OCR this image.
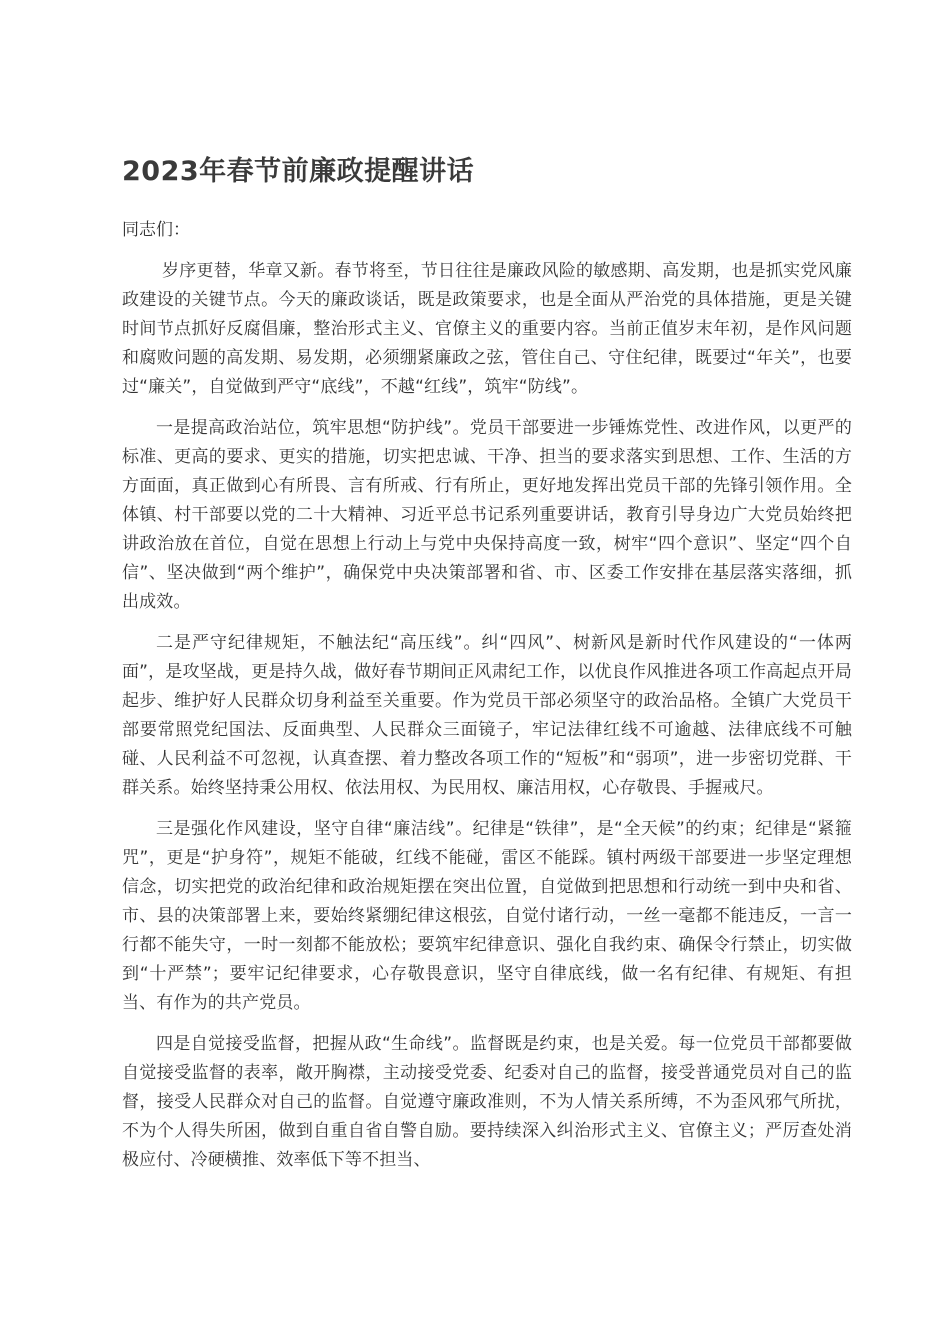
2023年春节前廉政提醒讲话

同志们：

岁序更替，华章又新。春节将至，节日往往是廉政风险的敏感期、高发期，也是抓实党风廉政建设的关键节点。今天的廉政谈话，既是政策要求，也是全面从严治党的具体措施，更是关键时间节点抓好反腐倡廉，整治形式主义、官僚主义的重要内容。当前正值岁末年初，是作风问题和腐败问题的高发期、易发期，必须绷紧廉政之弦，管住自己、守住纪律，既要过“年关”，也要过“廉关”，自觉做到严守“底线”，不越“红线”，筑牢“防线”。

一是提高政治站位，筑牢思想“防护线”。党员干部要进一步锤炼党性、改进作风，以更严的标准、更高的要求、更实的措施，切实把忠诚、干净、担当的要求落实到思想、工作、生活的方方面面，真正做到心有所畏、言有所戒、行有所止，更好地发挥出党员干部的先锋引领作用。全体镇、村干部要以党的二十大精神、习近平总书记系列重要讲话，教育引导身边广大党员始终把讲政治放在首位，自觉在思想上行动上与党中央保持高度一致，树牢“四个意识”、坚定“四个自信”、坚决做到“两个维护”，确保党中央决策部署和省、市、区委工作安排在基层落实落细，抓出成效。

二是严守纪律规矩，不触法纪“高压线”。纠“四风”、树新风是新时代作风建设的“一体两面”，是攻坚战，更是持久战，做好春节期间正风肃纪工作，以优良作风推进各项工作高起点开局起步、维护好人民群众切身利益至关重要。作为党员干部必须坚守的政治品格。全镇广大党员干部要常照党纪国法、反面典型、人民群众三面镜子，牢记法律红线不可逾越、法律底线不可触碰、人民利益不可忽视，认真查摆、着力整改各项工作的“短板”和“弱项”，进一步密切党群、干群关系。始终坚持秉公用权、依法用权、为民用权、廉洁用权，心存敬畏、手握戒尺。

三是强化作风建设，坚守自律“廉洁线”。纪律是“铁律”，是“全天候”的约束；纪律是“紧箍咒”，更是“护身符”，规矩不能破，红线不能碰，雷区不能踩。镇村两级干部要进一步坚定理想信念，切实把党的政治纪律和政治规矩摆在突出位置，自觉做到把思想和行动统一到中央和省、市、县的决策部署上来，要始终紧绷纪律这根弦，自觉付诸行动，一丝一毫都不能违反，一言一行都不能失守，一时一刻都不能放松；要筑牢纪律意识、强化自我约束、确保令行禁止，切实做到“十严禁”；要牢记纪律要求，心存敬畏意识，坚守自律底线，做一名有纪律、有规矩、有担当、有作为的共产党员。

四是自觉接受监督，把握从政“生命线”。监督既是约束，也是关爱。每一位党员干部都要做自觉接受监督的表率，敞开胸襟，主动接受党委、纪委对自己的监督，接受普通党员对自己的监督，接受人民群众对自己的监督。自觉遵守廉政准则，不为人情关系所缚，不为歪风邪气所扰，不为个人得失所困，做到自重自省自警自励。要持续深入纠治形式主义、官僚主义；严厉查处消极应付、冷硬横推、效率低下等不担当、
